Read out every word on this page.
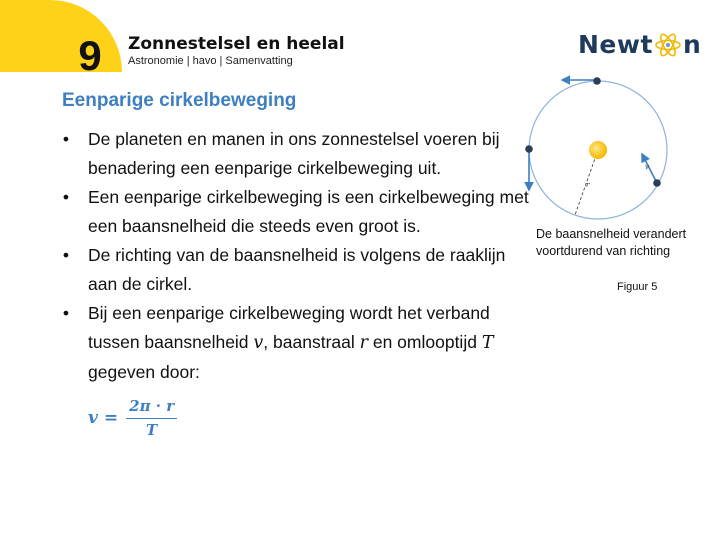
9	Zonnestelsel en heelal
Astronomie | havo | Samenvatting
Newt n
Eenparige cirkelbeweging
• De planeten en manen in ons zonnestelsel voeren bij benadering een eenparige cirkelbeweging uit.
• Een eenparige cirkelbeweging is een cirkelbeweging met een baansnelheid die steeds even groot is.
• De richting van de baansnelheid is volgens de raaklijn aan de cirkel.
• Bij een eenparige cirkelbeweging wordt het verband tussen baansnelheid v, baanstraal r en omlooptijd T gegeven door:
$v = \frac{2\pi \cdot r}{T}$
r
v
De baansnelheid verandert voortdurend van richting
Figuur 5
